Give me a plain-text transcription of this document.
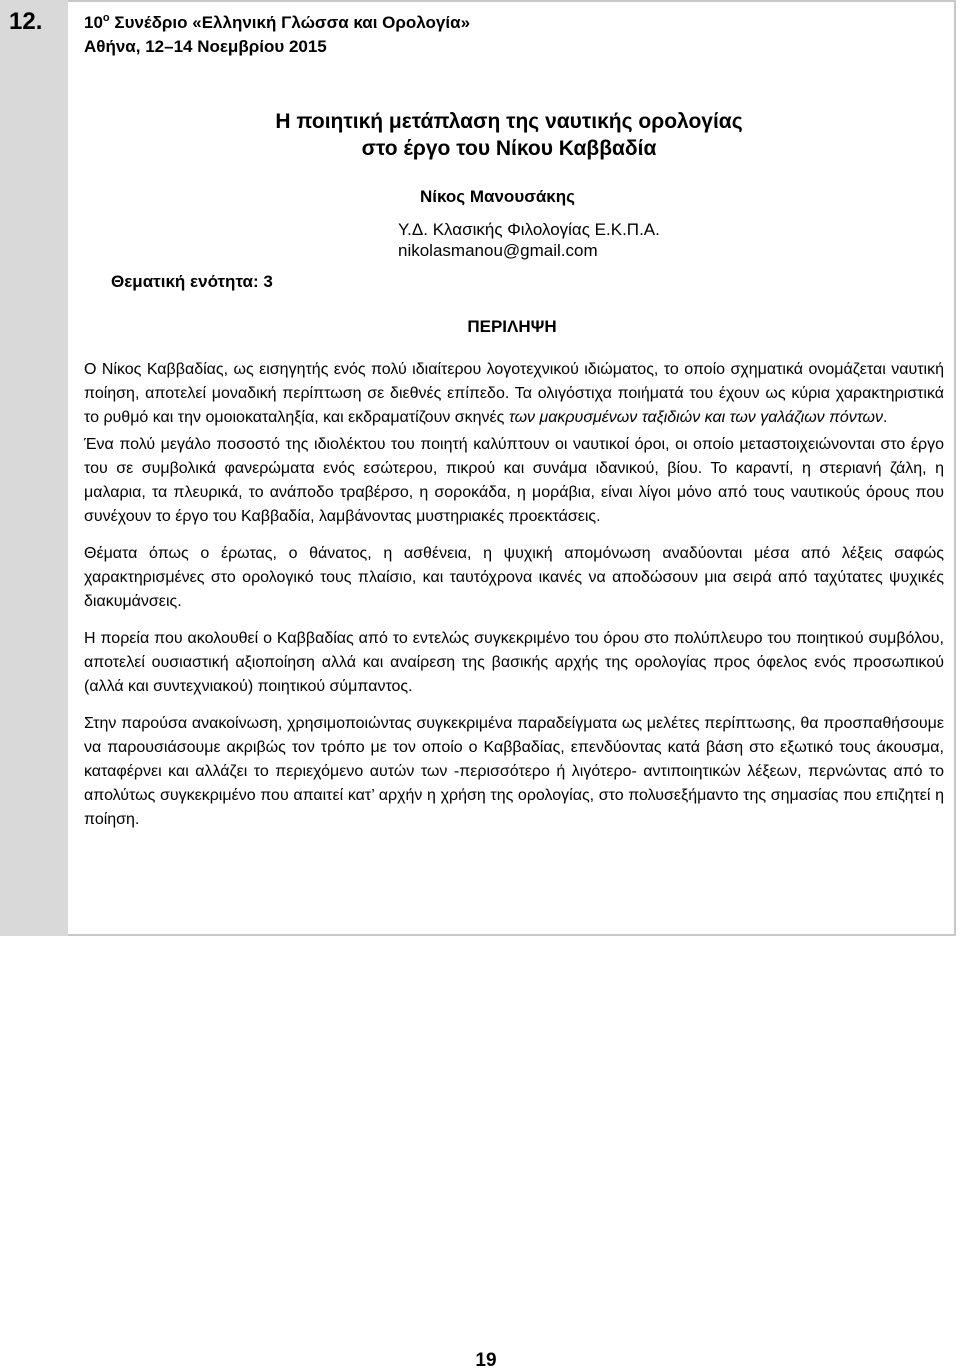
12. $10^o$ Συνέδριο «Ελληνική Γλώσσα και Ορολογία»
Αθήνα, 12–14 Νοεμβρίου 2015
Η ποιητική μετάπλαση της ναυτικής ορολογίας
στο έργο του Νίκου Καββαδία
Νίκος Μανουσάκης
Υ.Δ. Κλασικής Φιλολογίας Ε.Κ.Π.Α.
nikolasmanou@gmail.com
Θεματική ενότητα: 3
ΠΕΡΙΛΗΨΗ

Ο Νίκος Καββαδίας, ως εισηγητής ενός πολύ ιδιαίτερου λογοτεχνικού ιδιώματος, το οποίο σχηματικά ονομάζεται ναυτική ποίηση, αποτελεί μοναδική περίπτωση σε διεθνές επίπεδο. Τα ολιγόστιχα ποιήματά του έχουν ως κύρια χαρακτηριστικά το ρυθμό και την ομοιοκαταληξία, και εκδραματίζουν σκηνές των μακρυσμένων ταξιδιών και των γαλάζιων πόντων.

Ένα πολύ μεγάλο ποσοστό της ιδιολέκτου του ποιητή καλύπτουν οι ναυτικοί όροι, οι οποίο μεταστοιχειώνονται στο έργο του σε συμβολικά φανερώματα ενός εσώτερου, πικρού και συνάμα ιδανικού, βίου. Το καραντί, η στεριανή ζάλη, η μαλαρια, τα πλευρικά, το ανάποδο τραβέρσο, η σοροκάδα, η μοράβια, είναι λίγοι μόνο από τους ναυτικούς όρους που συνέχουν το έργο του Καββαδία, λαμβάνοντας μυστηριακές προεκτάσεις.

Θέματα όπως ο έρωτας, ο θάνατος, η ασθένεια, η ψυχική απομόνωση αναδύονται μέσα από λέξεις σαφώς χαρακτηρισμένες στο ορολογικό τους πλαίσιο, και ταυτόχρονα ικανές να αποδώσουν μια σειρά από ταχύτατες ψυχικές διακυμάνσεις.

Η πορεία που ακολουθεί ο Καββαδίας από το εντελώς συγκεκριμένο του όρου στο πολύπλευρο του ποιητικού συμβόλου, αποτελεί ουσιαστική αξιοποίηση αλλά και αναίρεση της βασικής αρχής της ορολογίας προς όφελος ενός προσωπικού (αλλά και συντεχνιακού) ποιητικού σύμπαντος.

Στην παρούσα ανακοίνωση, χρησιμοποιώντας συγκεκριμένα παραδείγματα ως μελέτες περίπτωσης, θα προσπαθήσουμε να παρουσιάσουμε ακριβώς τον τρόπο με τον οποίο ο Καββαδίας, επενδύοντας κατά βάση στο εξωτικό τους άκουσμα, καταφέρνει και αλλάζει το περιεχόμενο αυτών των -περισσότερο ή λιγότερο- αντιποιητικών λέξεων, περνώντας από το απολύτως συγκεκριμένο που απαιτεί κατ’ αρχήν η χρήση της ορολογίας, στο πολυσεξήμαντο της σημασίας που επιζητεί η ποίηση.

19
